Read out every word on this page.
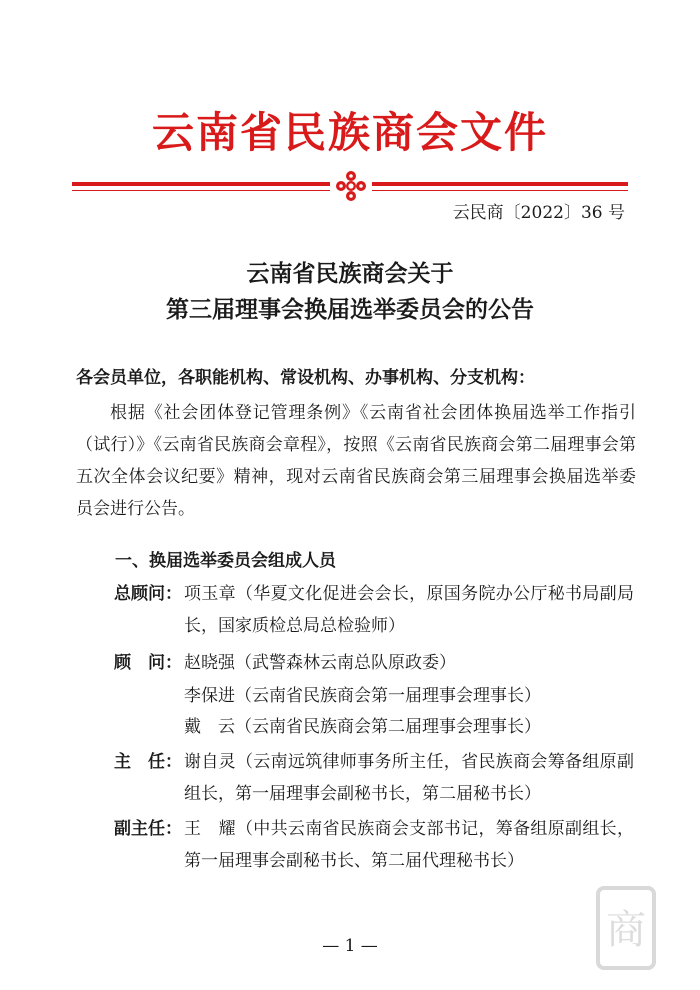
云南省民族商会文件
云民商〔2022〕36 号
云南省民族商会关于
第三届理事会换届选举委员会的公告
各会员单位，各职能机构、常设机构、办事机构、分支机构：
根据《社会团体登记管理条例》《云南省社会团体换届选举工作指引（试行）》《云南省民族商会章程》，按照《云南省民族商会第二届理事会第五次全体会议纪要》精神，现对云南省民族商会第三届理事会换届选举委员会进行公告。
一、换届选举委员会组成人员
总顾问： 项玉章（华夏文化促进会会长，原国务院办公厅秘书局副局长，国家质检总局总检验师）
顾　问： 赵晓强（武警森林云南总队原政委）
李保进（云南省民族商会第一届理事会理事长）
戴　云（云南省民族商会第二届理事会理事长）
主　任： 谢自灵（云南远筑律师事务所主任，省民族商会筹备组原副组长，第一届理事会副秘书长，第二届秘书长）
副主任： 王　耀（中共云南省民族商会支部书记，筹备组原副组长，第一届理事会副秘书长、第二届代理秘书长）
— 1 —	商
